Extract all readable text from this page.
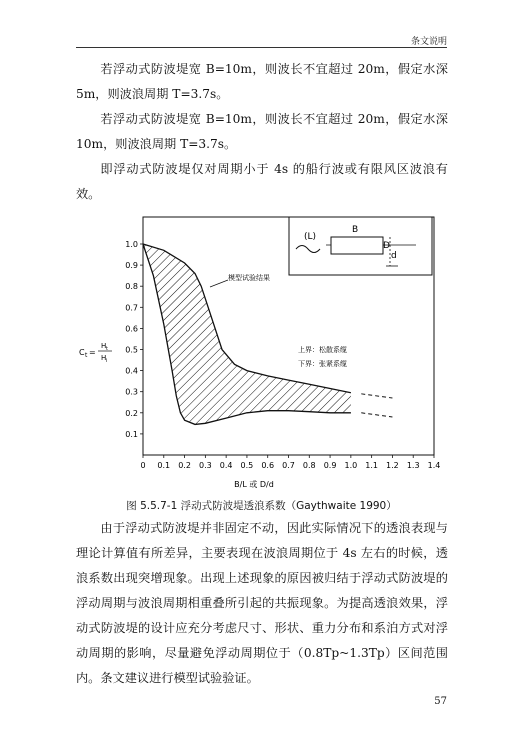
条文说明

若浮动式防波堤宽 B=10m，则波长不宜超过 20m，假定水深 5m，则波浪周期 T=3.7s。

若浮动式防波堤宽 B=10m，则波长不宜超过 20m，假定水深 10m，则波浪周期 T=3.7s。

即浮动式防波堤仅对周期小于 4s 的船行波或有限风区波浪有效。

0 0.1 0.2 0.3 0.4 0.5 0.6 0.7 0.8 0.9 1.0 1.1 1.2 1.3 1.4
0.1
0.2
0.3
0.4
0.5
0.6
0.7
0.8
0.9
1.0
(L)
B
D
d
C t =
H t
H i
模型试验结果
上界：松散系缆
下界：张紧系缆
B/L 或 D/d
图 5.5.7-1 浮动式防波堤透浪系数（Gaythwaite 1990）

由于浮动式防波堤并非固定不动，因此实际情况下的透浪表现与理论计算值有所差异，主要表现在波浪周期位于 4s 左右的时候，透浪系数出现突增现象。出现上述现象的原因被归结于浮动式防波堤的浮动周期与波浪周期相重叠所引起的共振现象。为提高透浪效果，浮动式防波堤的设计应充分考虑尺寸、形状、重力分布和系泊方式对浮动周期的影响，尽量避免浮动周期位于（0.8Tp~1.3Tp）区间范围内。条文建议进行模型试验验证。

57
